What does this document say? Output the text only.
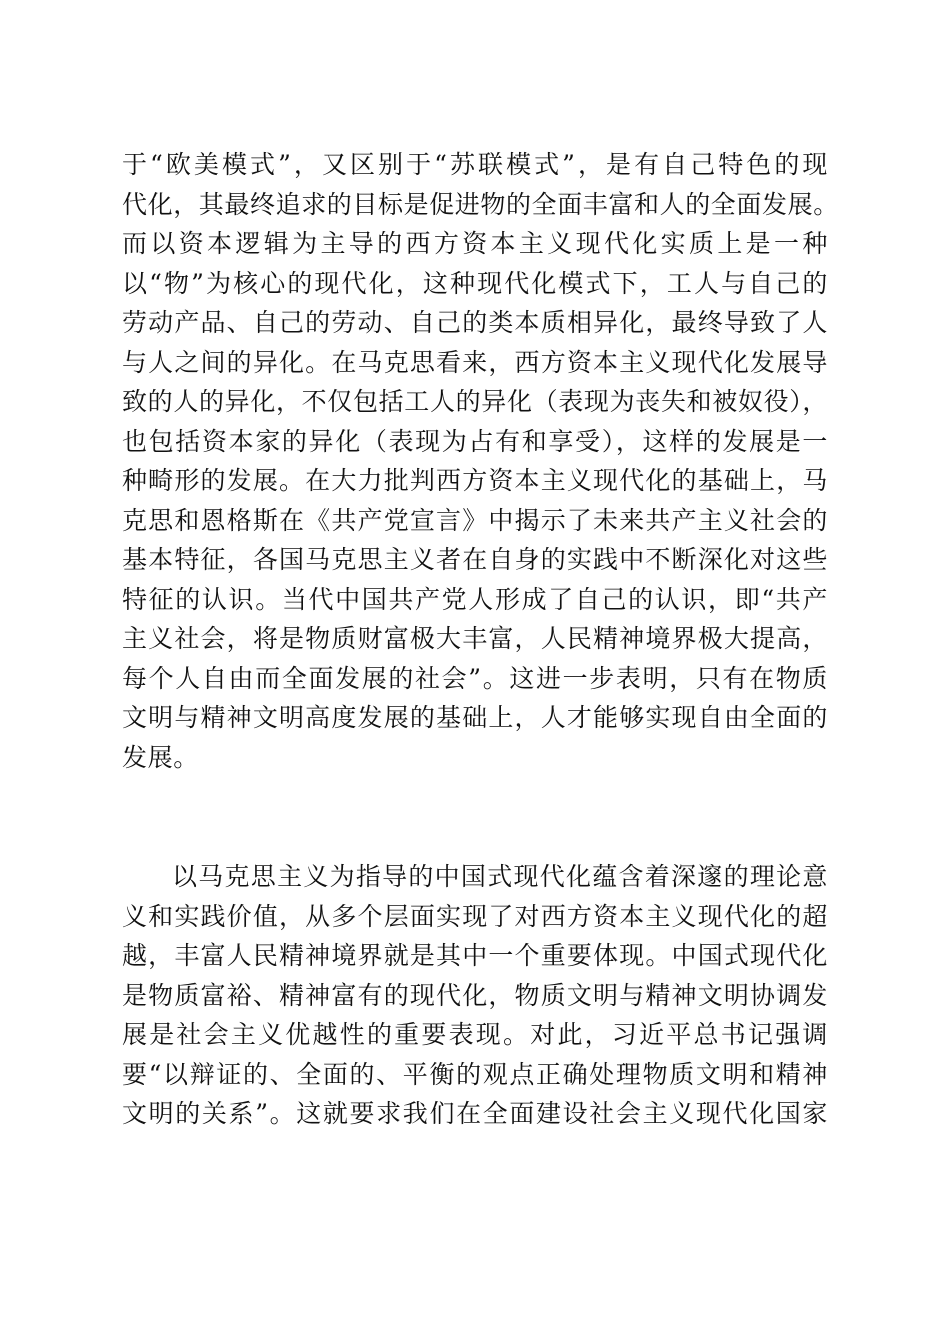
于“欧美模式”，又区别于“苏联模式”，是有自己特色的现
代化，其最终追求的目标是促进物的全面丰富和人的全面发展。
而以资本逻辑为主导的西方资本主义现代化实质上是一种
以“物”为核心的现代化，这种现代化模式下，工人与自己的
劳动产品、自己的劳动、自己的类本质相异化，最终导致了人
与人之间的异化。在马克思看来，西方资本主义现代化发展导
致的人的异化，不仅包括工人的异化（表现为丧失和被奴役），
也包括资本家的异化（表现为占有和享受），这样的发展是一
种畸形的发展。在大力批判西方资本主义现代化的基础上，马
克思和恩格斯在《共产党宣言》中揭示了未来共产主义社会的
基本特征，各国马克思主义者在自身的实践中不断深化对这些
特征的认识。当代中国共产党人形成了自己的认识，即“共产
主义社会，将是物质财富极大丰富，人民精神境界极大提高，
每个人自由而全面发展的社会”。这进一步表明，只有在物质
文明与精神文明高度发展的基础上，人才能够实现自由全面的
发展。
以马克思主义为指导的中国式现代化蕴含着深邃的理论意
义和实践价值，从多个层面实现了对西方资本主义现代化的超
越，丰富人民精神境界就是其中一个重要体现。中国式现代化
是物质富裕、精神富有的现代化，物质文明与精神文明协调发
展是社会主义优越性的重要表现。对此，习近平总书记强调
要“以辩证的、全面的、平衡的观点正确处理物质文明和精神
文明的关系”。这就要求我们在全面建设社会主义现代化国家
